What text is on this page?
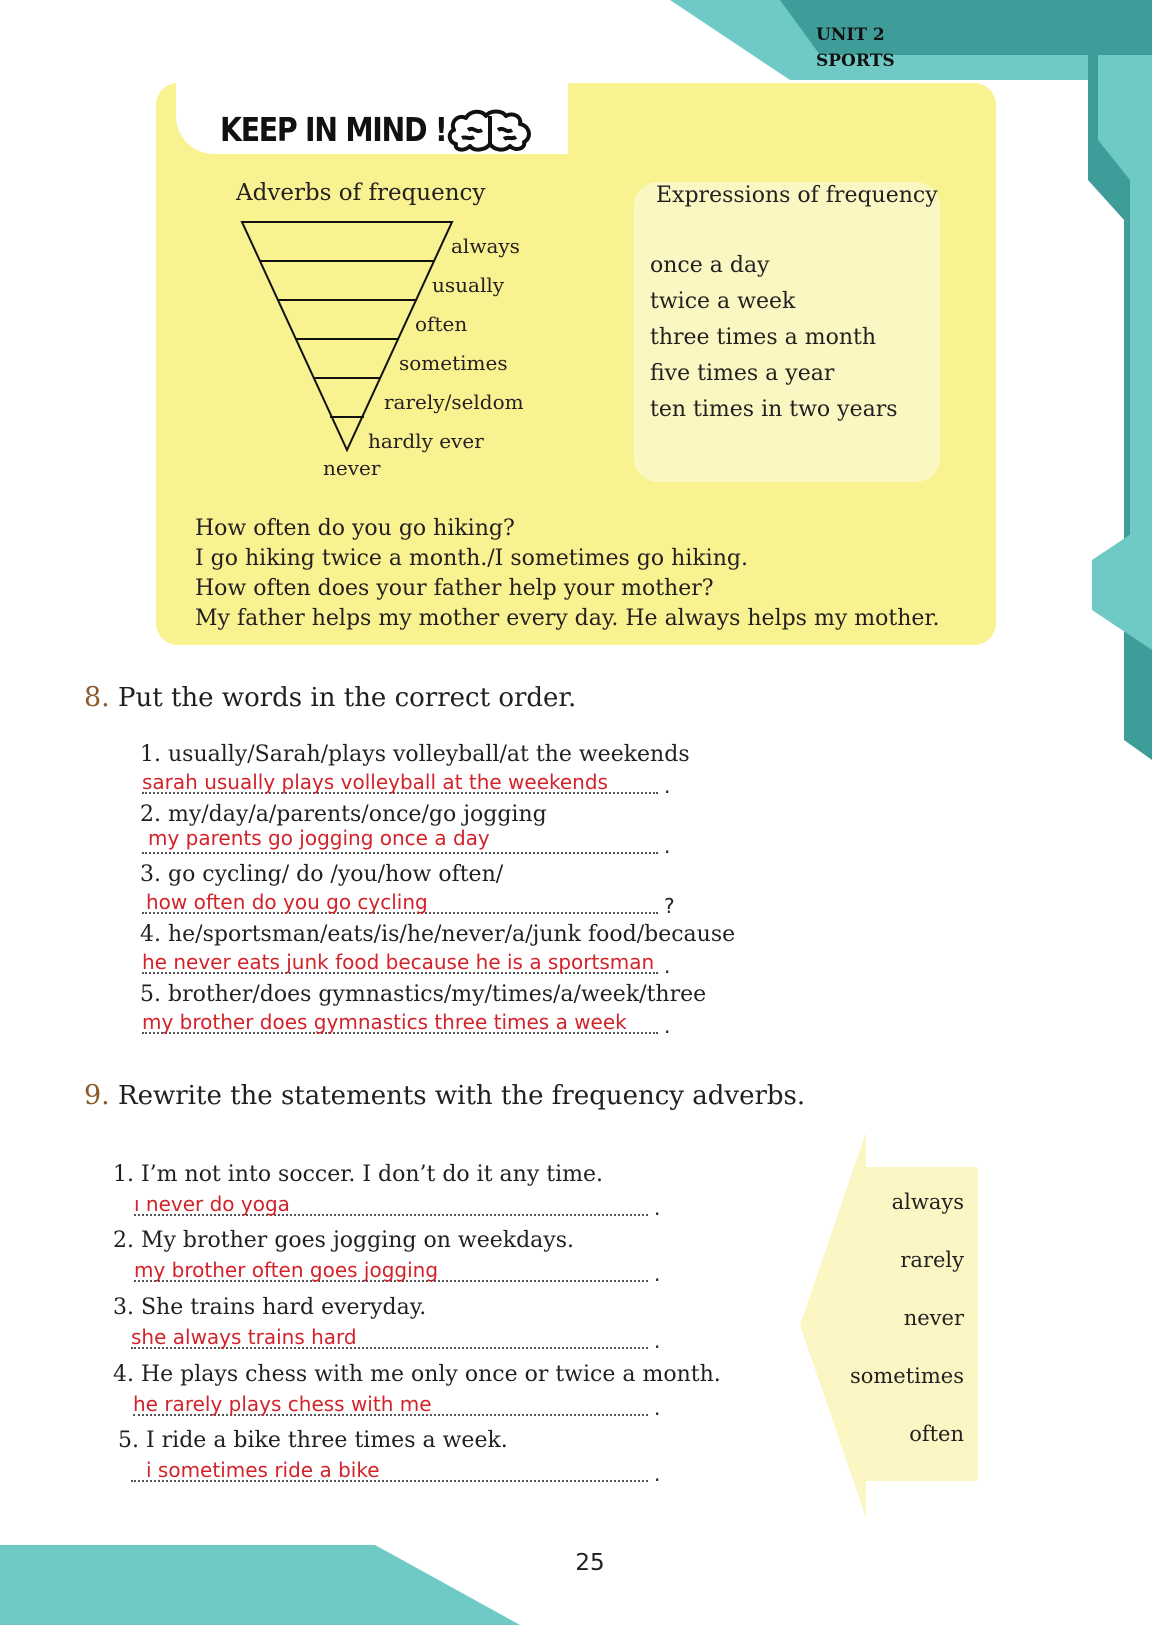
UNIT 2
SPORTS
KEEP IN MIND !
Adverbs of frequency
always
usually
often
sometimes
rarely/seldom
hardly ever
never
Expressions of frequency
once a day
twice a week
three times a month
five times a year
ten times in two years
How often do you go hiking?
I go hiking twice a month./I sometimes go hiking.
How often does your father help your mother?
My father helps my mother every day. He always helps my mother.
8. Put the words in the correct order.
1. usually/Sarah/plays volleyball/at the weekends
sarah usually plays volleyball at the weekends	.
2. my/day/a/parents/once/go jogging
my parents go jogging once a day	.
3. go cycling/ do /you/how often/
how often do you go cycling	?
4. he/sportsman/eats/is/he/never/a/junk food/because
he never eats junk food because he is a sportsman .
5. brother/does gymnastics/my/times/a/week/three
my brother does gymnastics three times a week .
9. Rewrite the statements with the frequency adverbs.
1. I’m not into soccer. I don’t do it any time.
ı never do yoga	.
2. My brother goes jogging on weekdays.
my brother often goes jogging	.
3. She trains hard everyday.
she always trains hard	.
4. He plays chess with me only once or twice a month.
he rarely plays chess with me	.
5. I ride a bike three times a week.
i sometimes ride a bike	.
always
rarely
never
sometimes
often
25
